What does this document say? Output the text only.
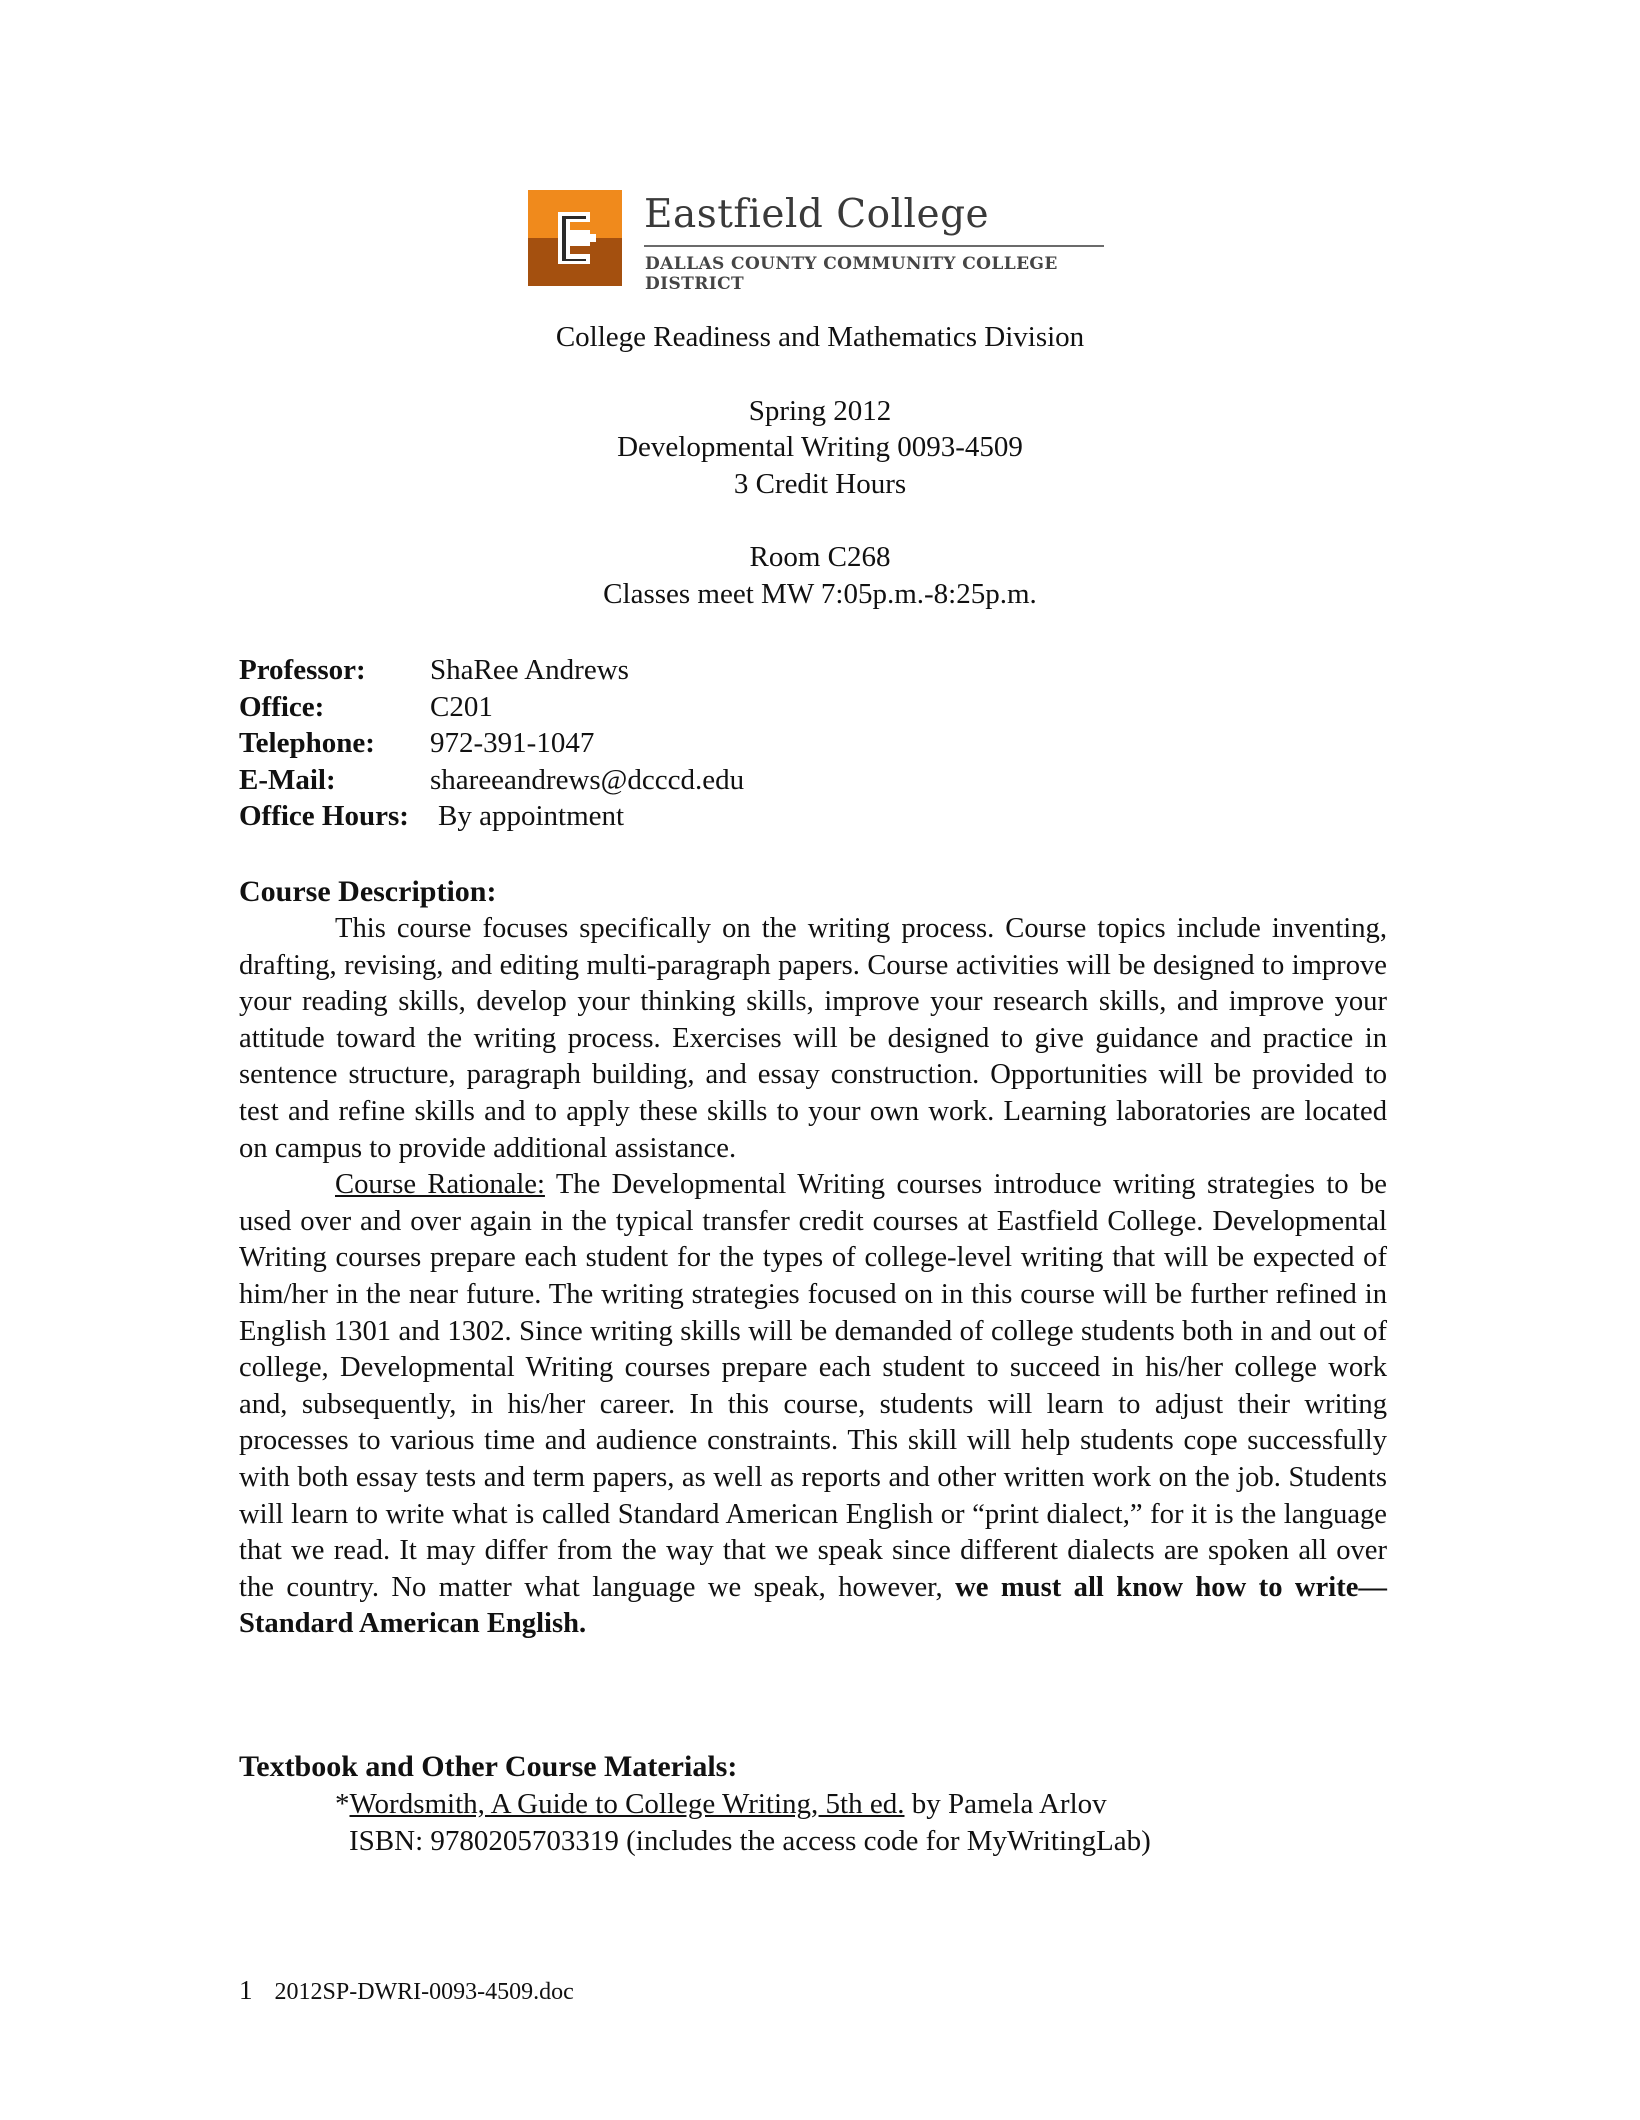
Eastfield College
DALLAS COUNTY COMMUNITY COLLEGE DISTRICT
College Readiness and Mathematics Division
Spring 2012
Developmental Writing 0093-4509
3 Credit Hours
Room C268
Classes meet MW 7:05p.m.-8:25p.m.
Professor: ShaRee Andrews
Office:	C201
Telephone: 972-391-1047
E-Mail:	shareeandrews@dcccd.edu
Office Hours: By appointment
Course Description:

This course focuses specifically on the writing process. Course topics include inventing, drafting, revising, and editing multi-paragraph papers. Course activities will be designed to improve your reading skills, develop your thinking skills, improve your research skills, and improve your attitude toward the writing process. Exercises will be designed to give guidance and practice in sentence structure, paragraph building, and essay construction. Opportunities will be provided to test and refine skills and to apply these skills to your own work. Learning laboratories are located on campus to provide additional assistance.

Course Rationale: The Developmental Writing courses introduce writing strategies to be used over and over again in the typical transfer credit courses at Eastfield College. Developmental Writing courses prepare each student for the types of college-level writing that will be expected of him/her in the near future. The writing strategies focused on in this course will be further refined in English 1301 and 1302. Since writing skills will be demanded of college students both in and out of college, Developmental Writing courses prepare each student to succeed in his/her college work and, subsequently, in his/her career. In this course, students will learn to adjust their writing processes to various time and audience constraints. This skill will help students cope successfully with both essay tests and term papers, as well as reports and other written work on the job. Students will learn to write what is called Standard American English or “print dialect,” for it is the language that we read. It may differ from the way that we speak since different dialects are spoken all over the country. No matter what language we speak, however, we must all know how to write—Standard American English.

Textbook and Other Course Materials:
*Wordsmith, A Guide to College Writing, 5th ed. by Pamela Arlov
ISBN: 9780205703319 (includes the access code for MyWritingLab)
1 2012SP-DWRI-0093-4509.doc
